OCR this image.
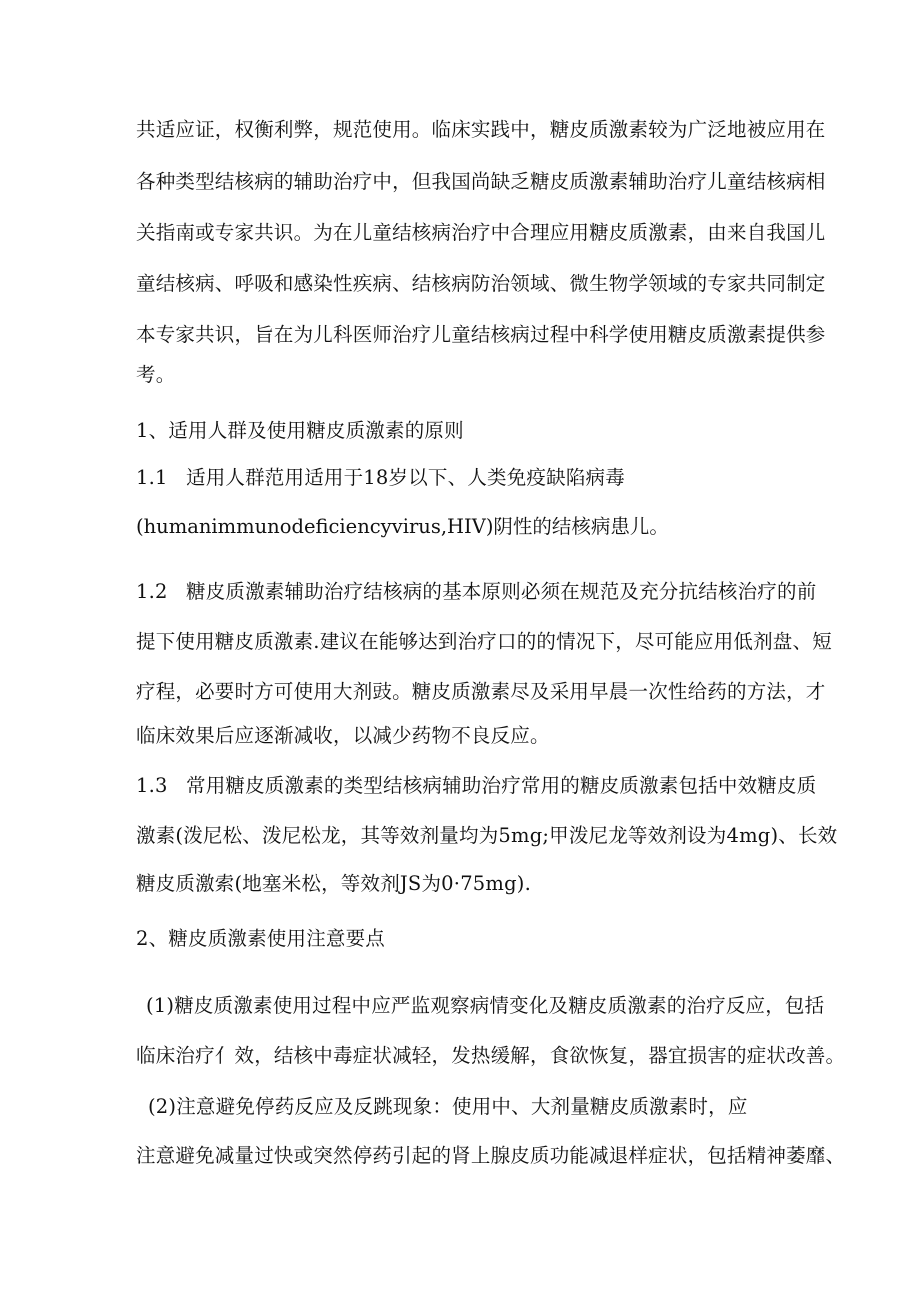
共适应证，权衡利弊，规范使用。临床实践中，糖皮质激素较为广泛地被应用在
各种类型结核病的辅助治疗中，但我国尚缺乏糖皮质激素辅助治疗儿童结核病相
关指南或专家共识。为在儿童结核病治疗中合理应用糖皮质激素，由来自我国儿
童结核病、呼吸和感染性疾病、结核病防治领域、微生物学领域的专家共同制定
本专家共识，旨在为儿科医师治疗儿童结核病过程中科学使用糖皮质激素提供参
考。
1、适用人群及使用糖皮质激素的原则
1.1 适用人群范用适用于18岁以下、人类免疫缺陷病毒
(humanimmunodeficiencyvirus,HIV)阴性的结核病患儿。
1.2 糖皮质激素辅助治疗结核病的基本原则必须在规范及充分抗结核治疗的前
提下使用糖皮质激素.建议在能够达到治疗口的的情况下，尽可能应用低剂盘、短
疗程，必要时方可使用大剂豉。糖皮质激素尽及采用早晨一次性给药的方法，才
临床效果后应逐渐减收，以减少药物不良反应。
1.3 常用糖皮质激素的类型结核病辅助治疗常用的糖皮质激素包括中效糖皮质
激素(泼尼松、泼尼松龙，其等效剂量均为5mg;甲泼尼龙等效剂设为4mg)、长效
糖皮质激索(地塞米松，等效剂JS为0·75mg).
2、糖皮质激素使用注意要点
(1)糖皮质激素使用过程中应严监观察病情变化及糖皮质激素的治疗反应，包括
临床治疗亻效，结核中毒症状减轻，发热缓解，食欲恢复，器宜损害的症状改善。
(2)注意避免停药反应及反跳现象：使用中、大剂量糖皮质激素时，应
注意避免减量过快或突然停药引起的肾上腺皮质功能减退样症状，包括精神萎靡、
